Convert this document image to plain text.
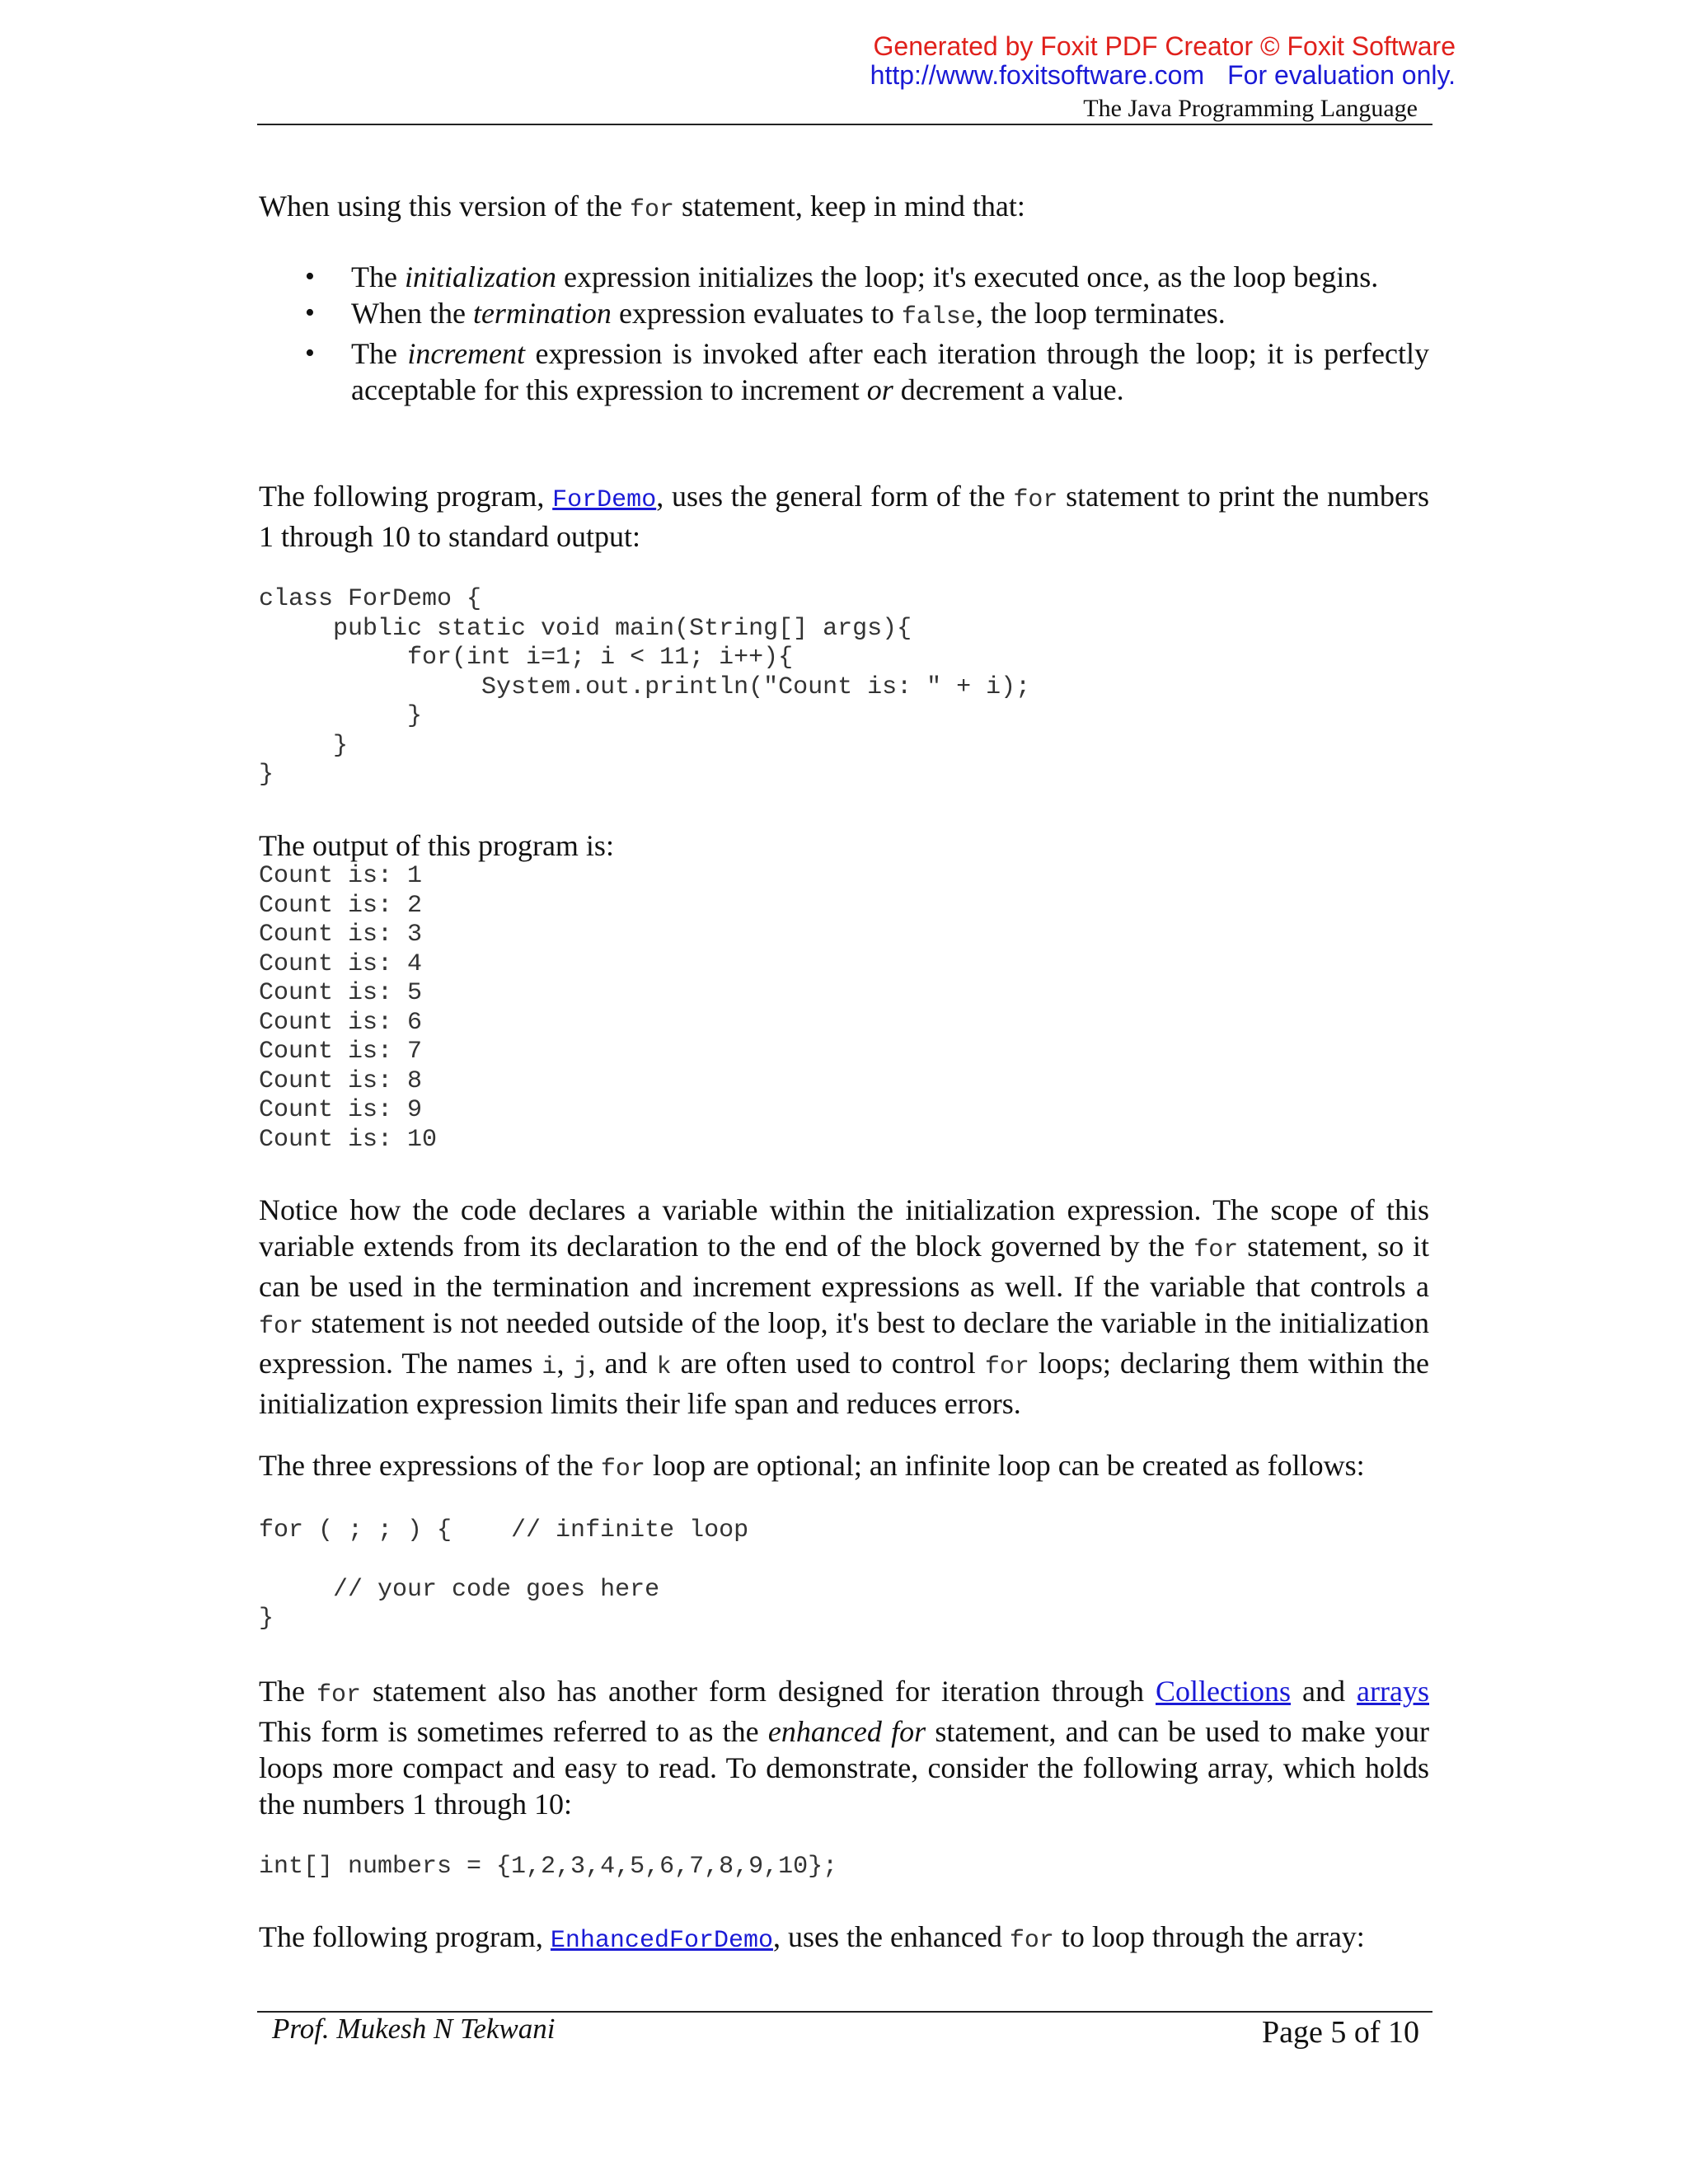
Generated by Foxit PDF Creator © Foxit Software
http://www.foxitsoftware.com For evaluation only.
The Java Programming Language
When using this version of the for statement, keep in mind that:
• The initialization expression initializes the loop; it's executed once, as the loop begins.
• When the termination expression evaluates to false, the loop terminates.
• The increment expression is invoked after each iteration through the loop; it is perfectly acceptable for this expression to increment or decrement a value.
The following program, ForDemo, uses the general form of the for statement to print the numbers 1 through 10 to standard output:
class ForDemo {
public static void main(String[] args){
for(int i=1; i < 11; i++){
System.out.println("Count is: " + i);
}
}
}
The output of this program is:
Count is: 1
Count is: 2
Count is: 3
Count is: 4
Count is: 5
Count is: 6
Count is: 7
Count is: 8
Count is: 9
Count is: 10
Notice how the code declares a variable within the initialization expression. The scope of this variable extends from its declaration to the end of the block governed by the for statement, so it can be used in the termination and increment expressions as well. If the variable that controls a for statement is not needed outside of the loop, it's best to declare the variable in the initialization expression. The names i, j, and k are often used to control for loops; declaring them within the initialization expression limits their life span and reduces errors.
The three expressions of the for loop are optional; an infinite loop can be created as follows:
for ( ; ; ) {    // infinite loop
// your code goes here
}
The for statement also has another form designed for iteration through Collections and arrays This form is sometimes referred to as the enhanced for statement, and can be used to make your loops more compact and easy to read. To demonstrate, consider the following array, which holds the numbers 1 through 10:
int[] numbers = {1,2,3,4,5,6,7,8,9,10};
The following program, EnhancedForDemo, uses the enhanced for to loop through the array:
Prof. Mukesh N Tekwani	Page 5 of 10
